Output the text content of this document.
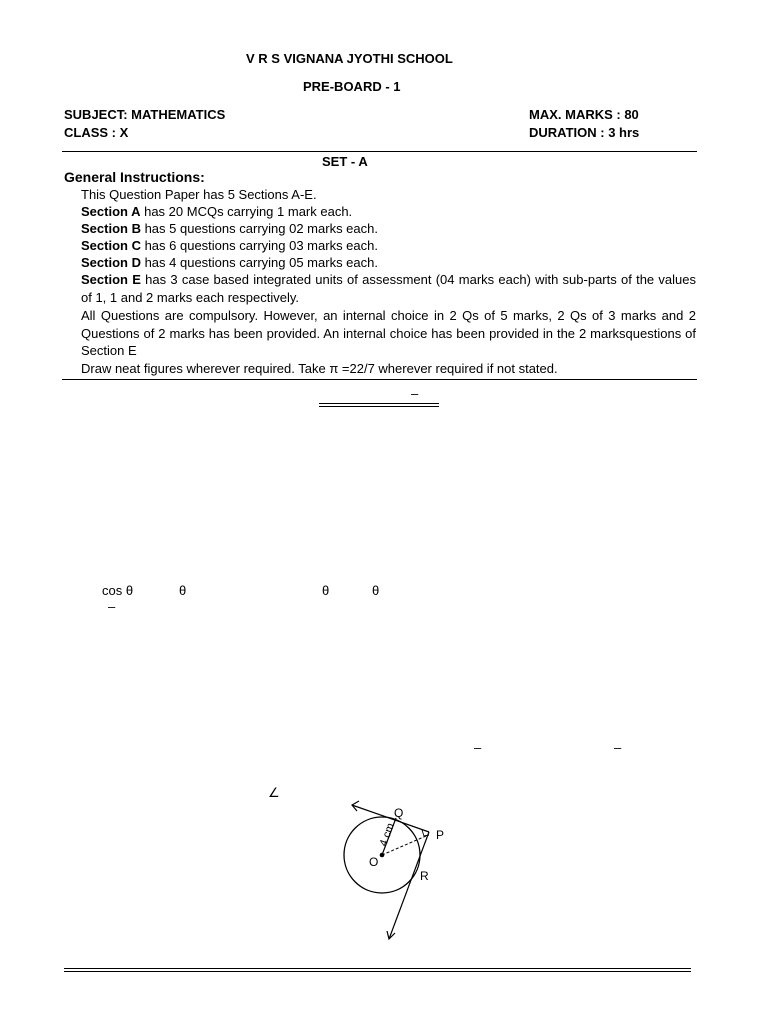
V R S VIGNANA JYOTHI SCHOOL
PRE-BOARD - 1
SUBJECT: MATHEMATICS	MAX. MARKS : 80
CLASS : X	DURATION : 3 hrs
SET - A
General Instructions:
This Question Paper has 5 Sections A-E.
Section A has 20 MCQs carrying 1 mark each.
Section B has 5 questions carrying 02 marks each.
Section C has 6 questions carrying 03 marks each.
Section D has 4 questions carrying 05 marks each.
Section E has 3 case based integrated units of assessment (04 marks each) with sub-parts of the values of 1, 1 and 2 marks each respectively.
All Questions are compulsory. However, an internal choice in 2 Qs of 5 marks, 2 Qs of 3 marks and 2 Questions of 2 marks has been provided. An internal choice has been provided in the 2 marksquestions of Section E
Draw neat figures wherever required. Take π =22/7 wherever required if not stated.
–
cos θ	θ	θ	θ
–
–	–
∠
Q
P
O
R
4 cm
